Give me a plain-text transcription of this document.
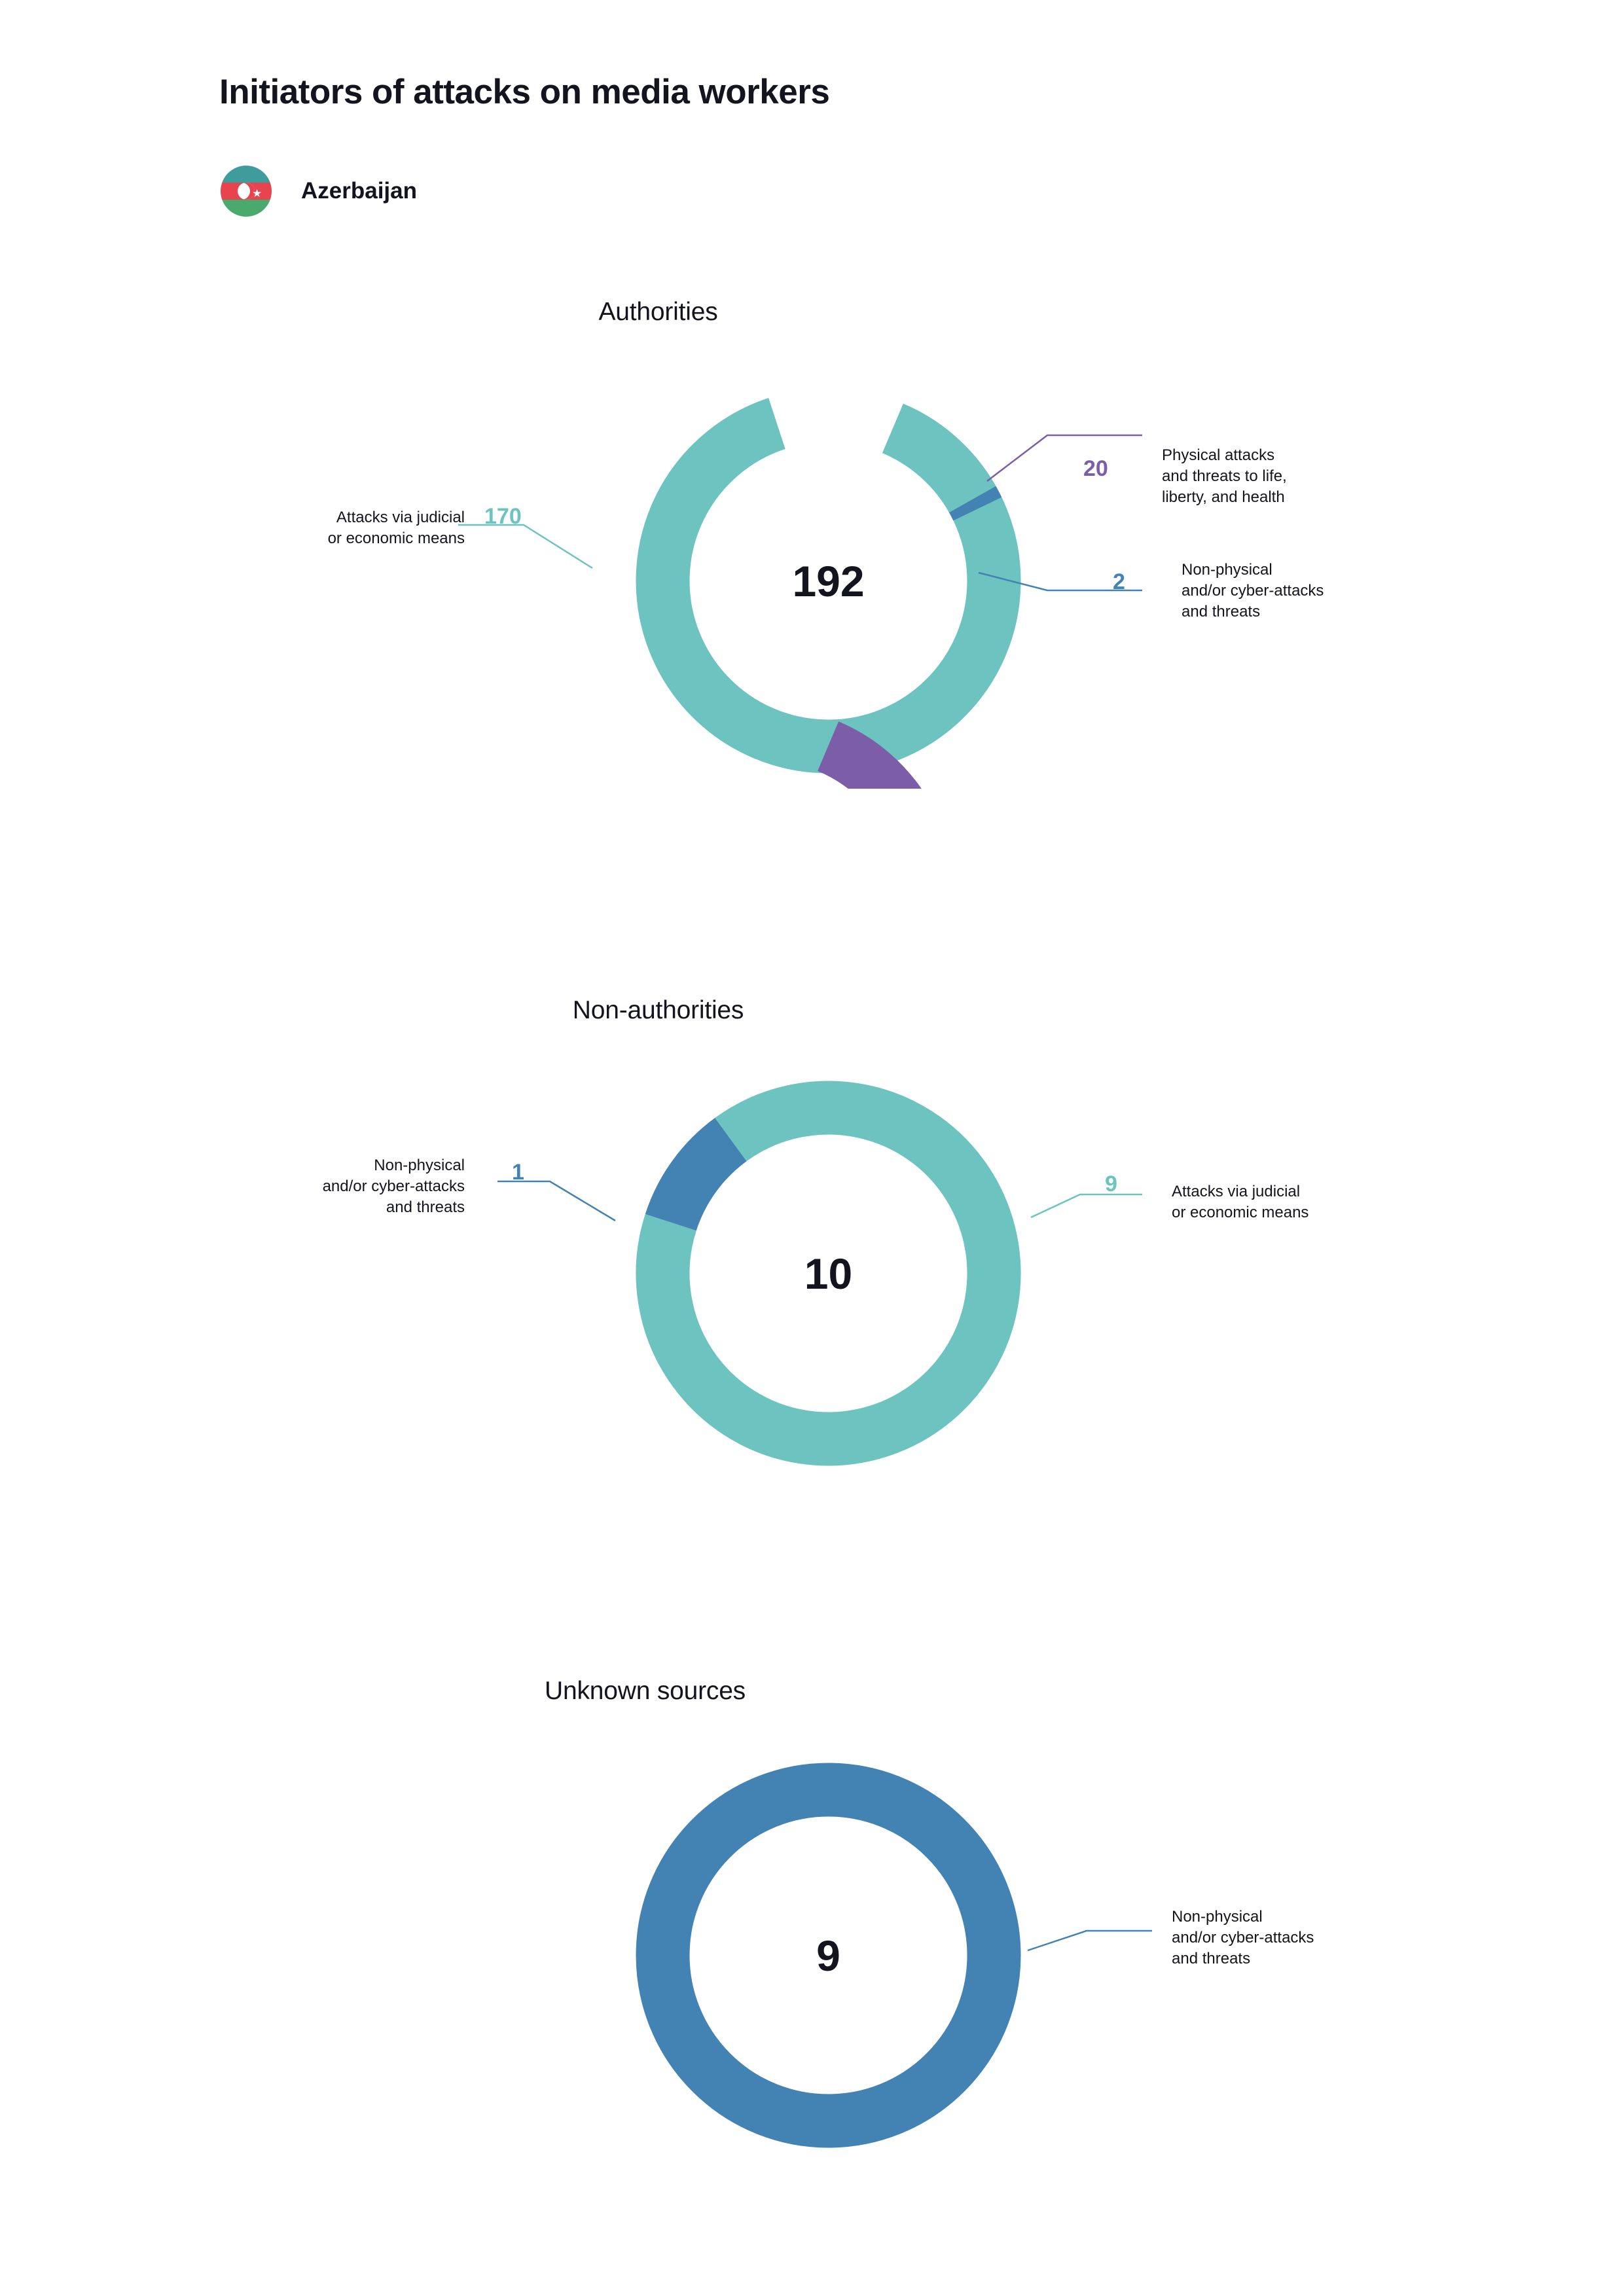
Initiators of attacks on media workers
★ Azerbaijan
Authorities
192
170
Attacks via judicial
or economic means
20
Physical attacks
and threats to life,
liberty, and health
2	Non-physical
and/or cyber-attacks
and threats
Non-authorities
10
1
Non-physical
and/or cyber-attacks
and threats
9	Attacks via judicial
or economic means
Unknown sources
9
Non-physical
and/or cyber-attacks
and threats
